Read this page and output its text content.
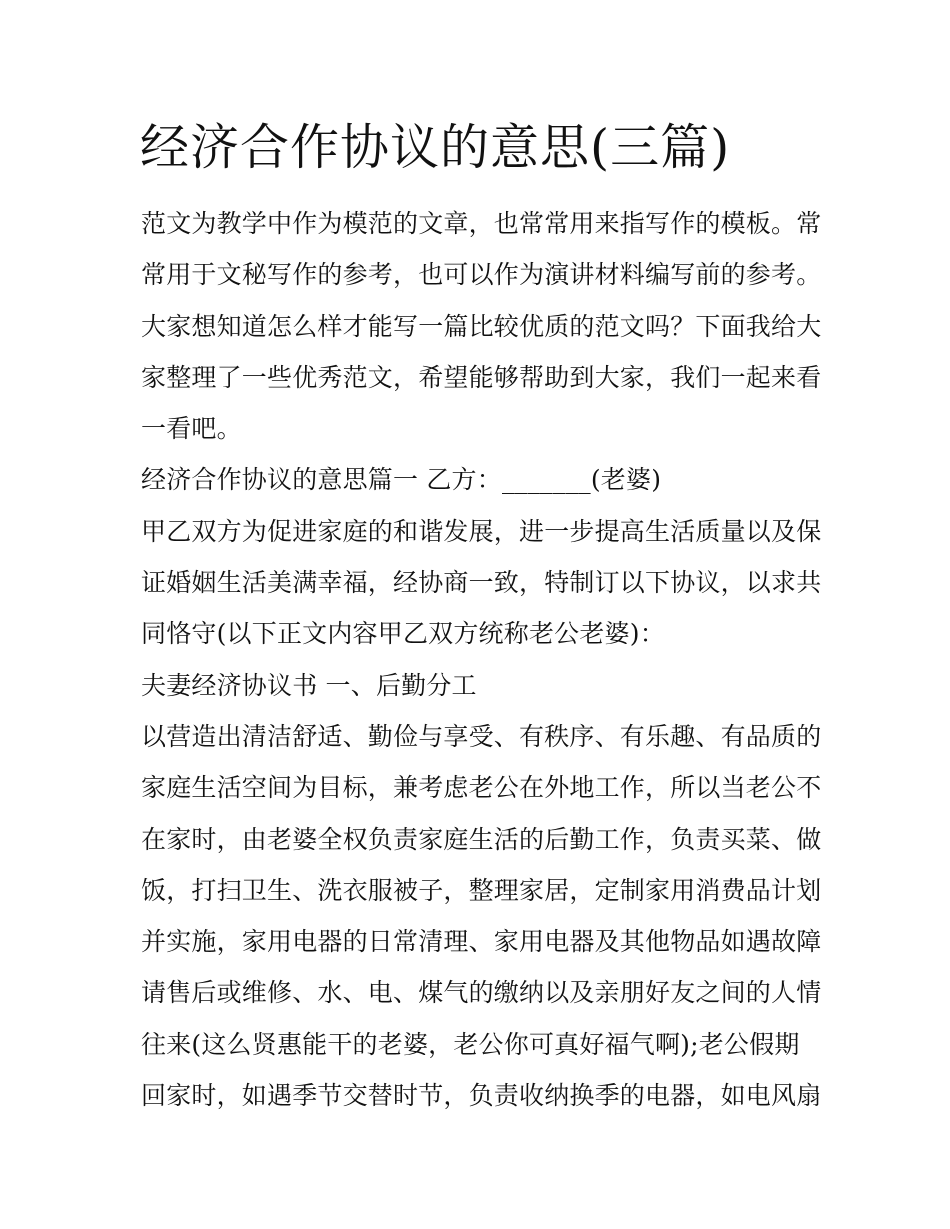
经济合作协议的意思(三篇)
范文为教学中作为模范的文章，也常常用来指写作的模板。常
常用于文秘写作的参考，也可以作为演讲材料编写前的参考。
大家想知道怎么样才能写一篇比较优质的范文吗？下面我给大
家整理了一些优秀范文，希望能够帮助到大家，我们一起来看
一看吧。
经济合作协议的意思篇一 乙方：_______(老婆)
甲乙双方为促进家庭的和谐发展，进一步提高生活质量以及保
证婚姻生活美满幸福，经协商一致，特制订以下协议，以求共
同恪守(以下正文内容甲乙双方统称老公老婆)：
夫妻经济协议书 一、后勤分工
以营造出清洁舒适、勤俭与享受、有秩序、有乐趣、有品质的
家庭生活空间为目标，兼考虑老公在外地工作，所以当老公不
在家时，由老婆全权负责家庭生活的后勤工作，负责买菜、做
饭，打扫卫生、洗衣服被子，整理家居，定制家用消费品计划
并实施，家用电器的日常清理、家用电器及其他物品如遇故障
请售后或维修、水、电、煤气的缴纳以及亲朋好友之间的人情
往来(这么贤惠能干的老婆，老公你可真好福气啊);老公假期
回家时，如遇季节交替时节，负责收纳换季的电器，如电风扇
